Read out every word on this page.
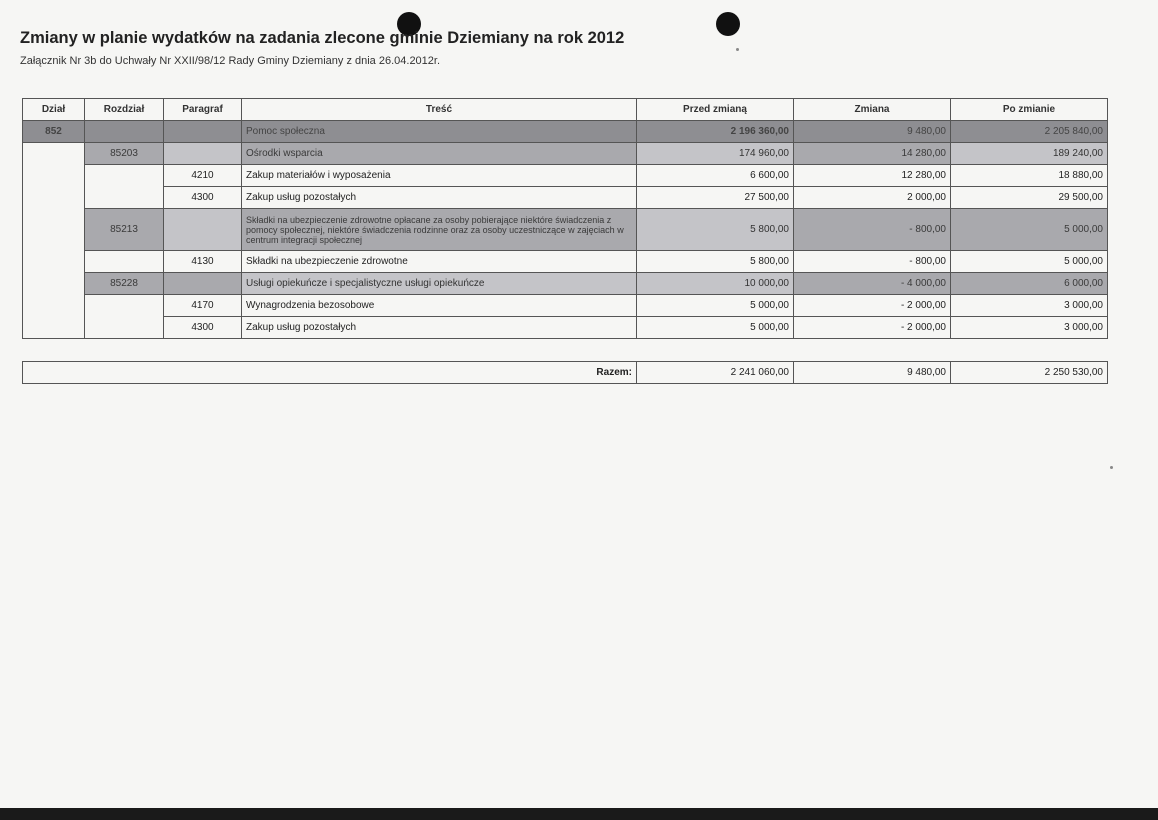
Zmiany w planie wydatków na zadania zlecone gminie Dziemiany na rok 2012
Załącznik Nr 3b do Uchwały Nr XXII/98/12 Rady Gminy Dziemiany z dnia 26.04.2012r.
Dział	Rozdział	Paragraf	Treść	Przed zmianą	Zmiana	Po zmianie
852			Pomoc społeczna	2 196 360,00	9 480,00	2 205 840,00
	85203		Ośrodki wsparcia	174 960,00	14 280,00	189 240,00
		4210	Zakup materiałów i wyposażenia	6 600,00	12 280,00	18 880,00
		4300	Zakup usług pozostałych	27 500,00	2 000,00	29 500,00
	85213		Składki na ubezpieczenie zdrowotne opłacane za osoby pobierające niektóre świadczenia z pomocy społecznej, niektóre świadczenia rodzinne oraz za osoby uczestniczące w zajęciach w centrum integracji społecznej	5 800,00	- 800,00	5 000,00
		4130	Składki na ubezpieczenie zdrowotne	5 800,00	- 800,00	5 000,00
	85228		Usługi opiekuńcze i specjalistyczne usługi opiekuńcze	10 000,00	- 4 000,00	6 000,00
		4170	Wynagrodzenia bezosobowe	5 000,00	- 2 000,00	3 000,00
		4300	Zakup usług pozostałych	5 000,00	- 2 000,00	3 000,00
Razem:	2 241 060,00	9 480,00	2 250 530,00
